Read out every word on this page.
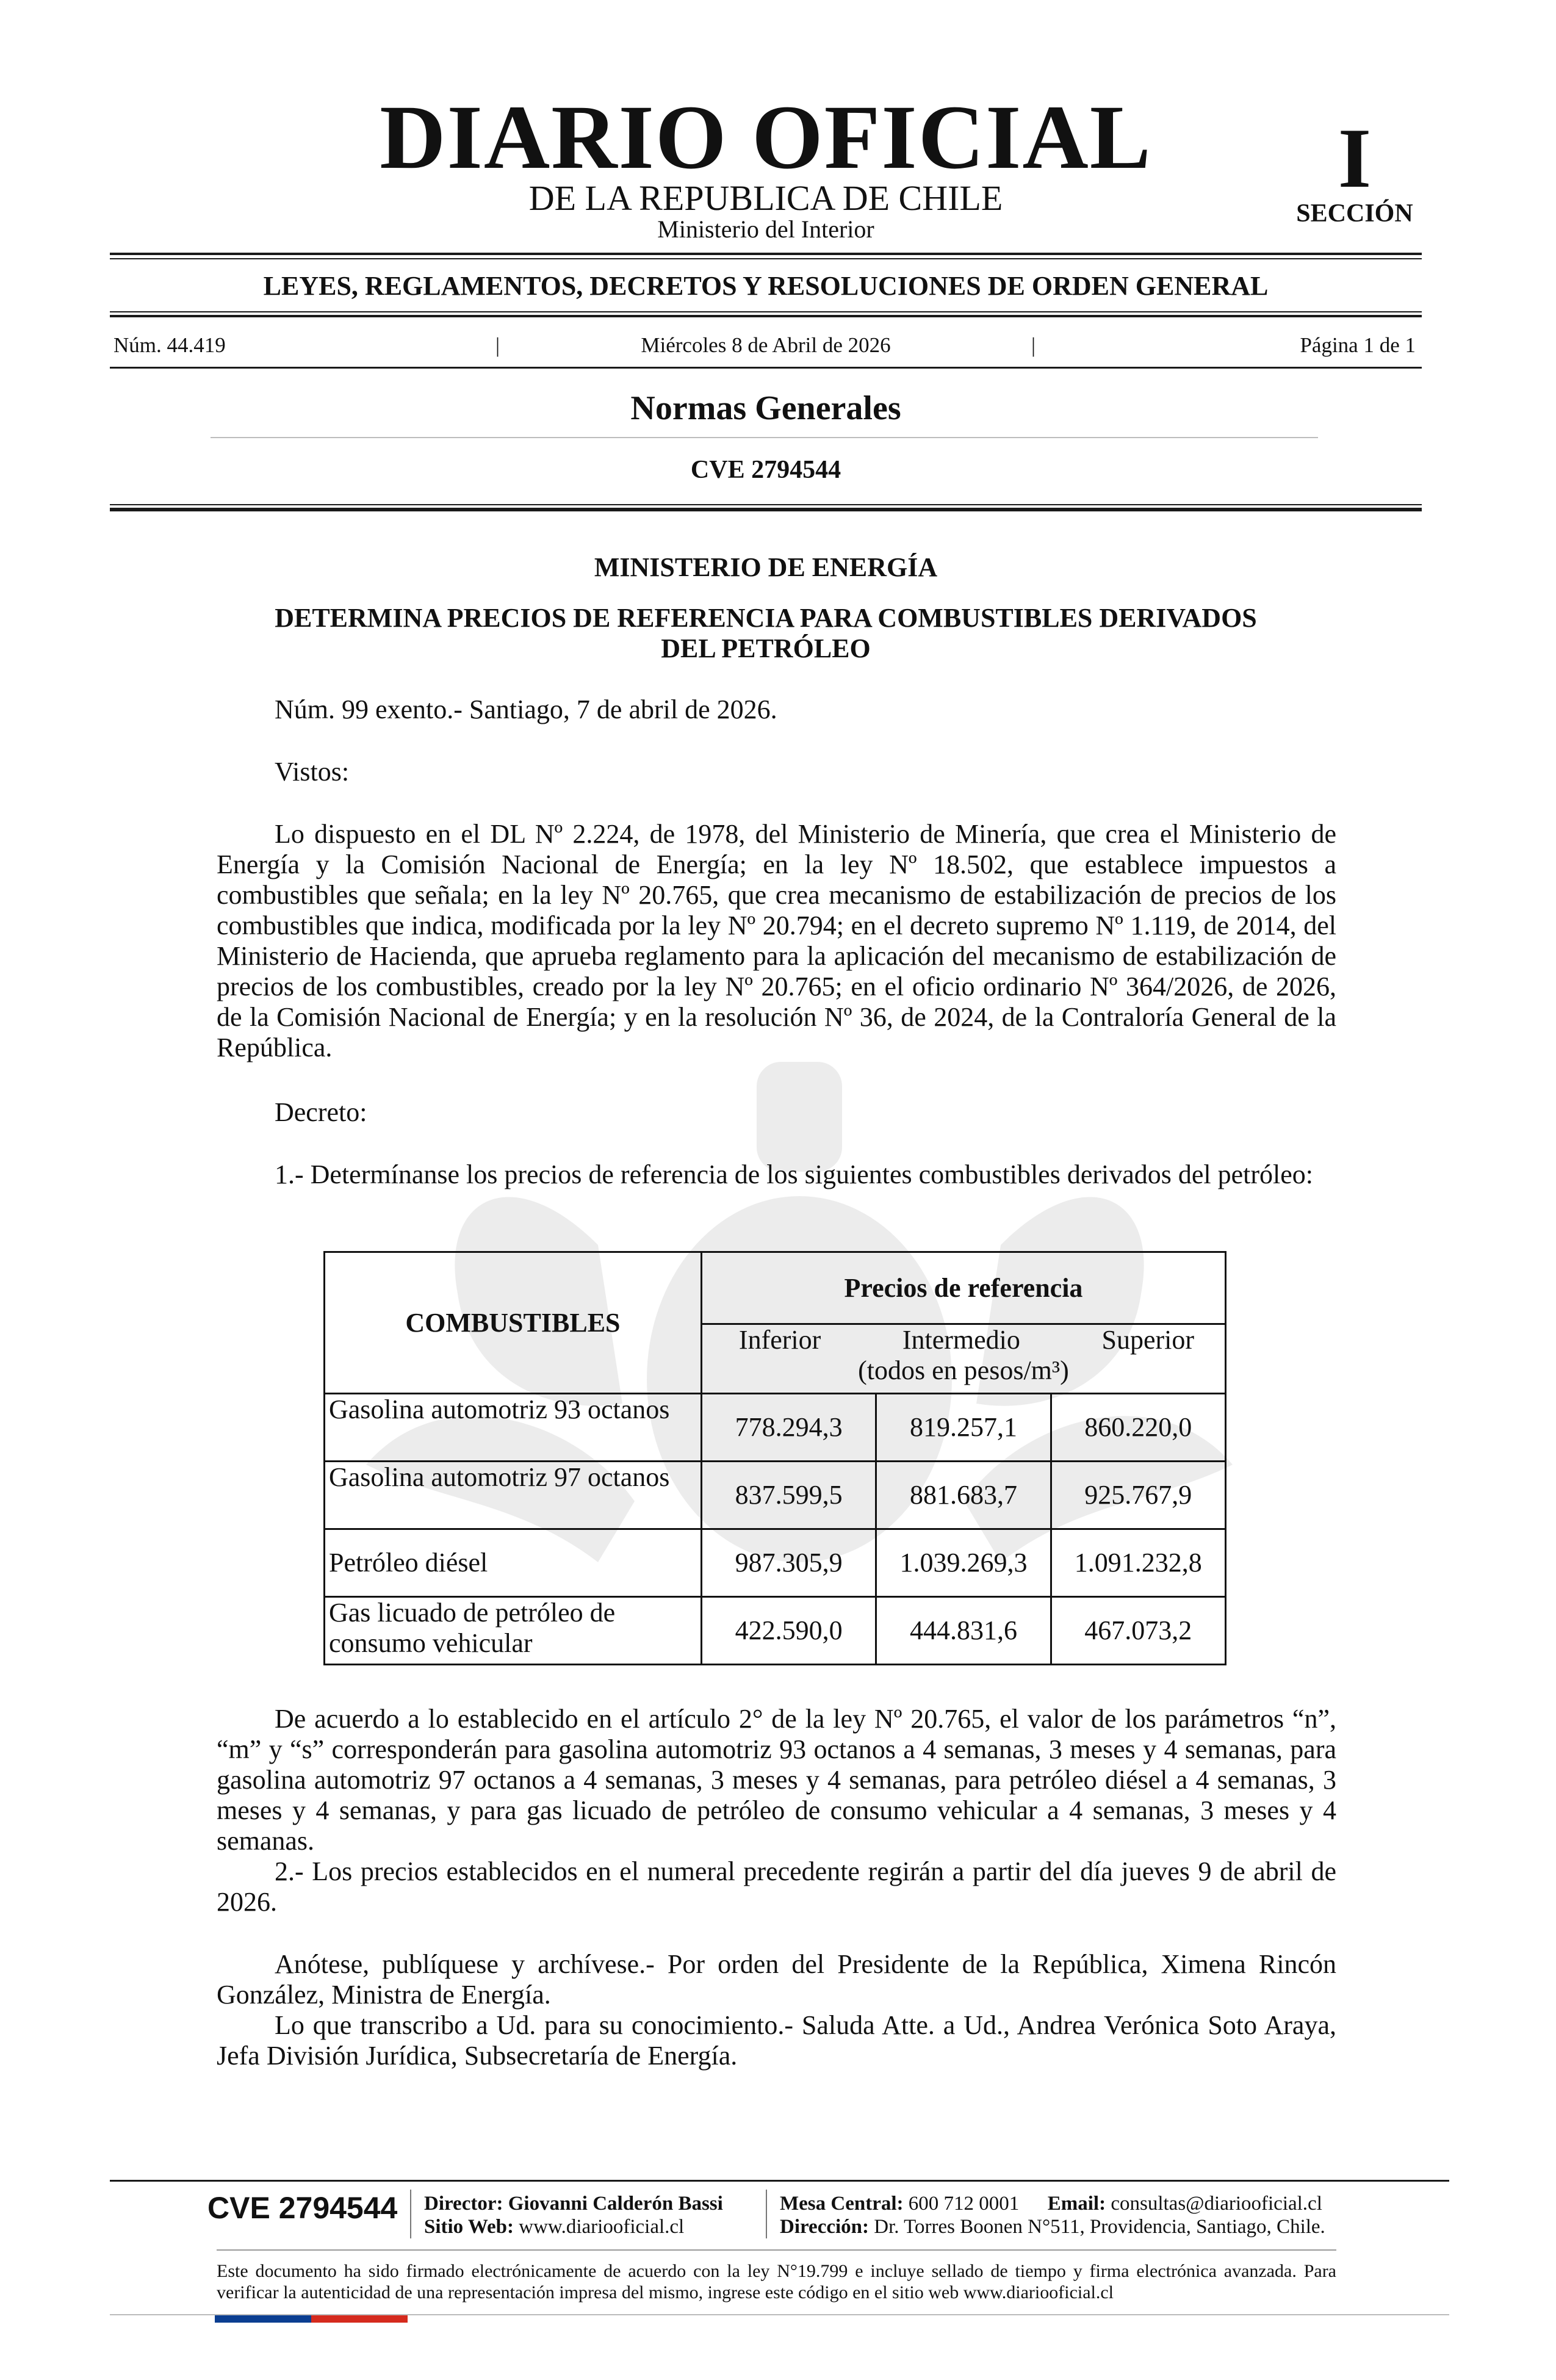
DIARIO OFICIAL
DE LA REPUBLICA DE CHILE
Ministerio del Interior
I
SECCIÓN
LEYES, REGLAMENTOS, DECRETOS Y RESOLUCIONES DE ORDEN GENERAL
Núm. 44.419	|	Miércoles 8 de Abril de 2026	|	Página 1 de 1
Normas Generales
CVE 2794544
MINISTERIO DE ENERGÍA
DETERMINA PRECIOS DE REFERENCIA PARA COMBUSTIBLES DERIVADOS
DEL PETRÓLEO
Núm. 99 exento.- Santiago, 7 de abril de 2026.
Vistos:
Lo dispuesto en el DL Nº 2.224, de 1978, del Ministerio de Minería, que crea el Ministerio de Energía y la Comisión Nacional de Energía; en la ley Nº 18.502, que establece impuestos a combustibles que señala; en la ley Nº 20.765, que crea mecanismo de estabilización de precios de los combustibles que indica, modificada por la ley Nº 20.794; en el decreto supremo Nº 1.119, de 2014, del Ministerio de Hacienda, que aprueba reglamento para la aplicación del mecanismo de estabilización de precios de los combustibles, creado por la ley Nº 20.765; en el oficio ordinario Nº 364/2026, de 2026, de la Comisión Nacional de Energía; y en la resolución Nº 36, de 2024, de la Contraloría General de la República.
Decreto:
1.- Determínanse los precios de referencia de los siguientes combustibles derivados del petróleo:
COMBUSTIBLES	Precios de referencia		

	Inferior Intermedio Superior
(todos en pesos/m³)		

Gasolina automotriz 93 octanos	778.294,3	819.257,1	860.220,0
Gasolina automotriz 97 octanos	837.599,5	881.683,7	925.767,9
Petróleo diésel	987.305,9	1.039.269,3	1.091.232,8
Gas licuado de petróleo de consumo vehicular	422.590,0	444.831,6	467.073,2
De acuerdo a lo establecido en el artículo 2° de la ley Nº 20.765, el valor de los parámetros “n”, “m” y “s” corresponderán para gasolina automotriz 93 octanos a 4 semanas, 3 meses y 4 semanas, para gasolina automotriz 97 octanos a 4 semanas, 3 meses y 4 semanas, para petróleo diésel a 4 semanas, 3 meses y 4 semanas, y para gas licuado de petróleo de consumo vehicular a 4 semanas, 3 meses y 4 semanas.
2.- Los precios establecidos en el numeral precedente regirán a partir del día jueves 9 de abril de 2026.
Anótese, publíquese y archívese.- Por orden del Presidente de la República, Ximena Rincón González, Ministra de Energía.
Lo que transcribo a Ud. para su conocimiento.- Saluda Atte. a Ud., Andrea Verónica Soto Araya, Jefa División Jurídica, Subsecretaría de Energía.
CVE 2794544 Director: Giovanni Calderón Bassi
Sitio Web: www.diariooficial.cl
Mesa Central: 600 712 0001 Email: consultas@diariooficial.cl
Dirección: Dr. Torres Boonen N°511, Providencia, Santiago, Chile.
Este documento ha sido firmado electrónicamente de acuerdo con la ley N°19.799 e incluye sellado de tiempo y firma electrónica avanzada. Para verificar la autenticidad de una representación impresa del mismo, ingrese este código en el sitio web www.diariooficial.cl
